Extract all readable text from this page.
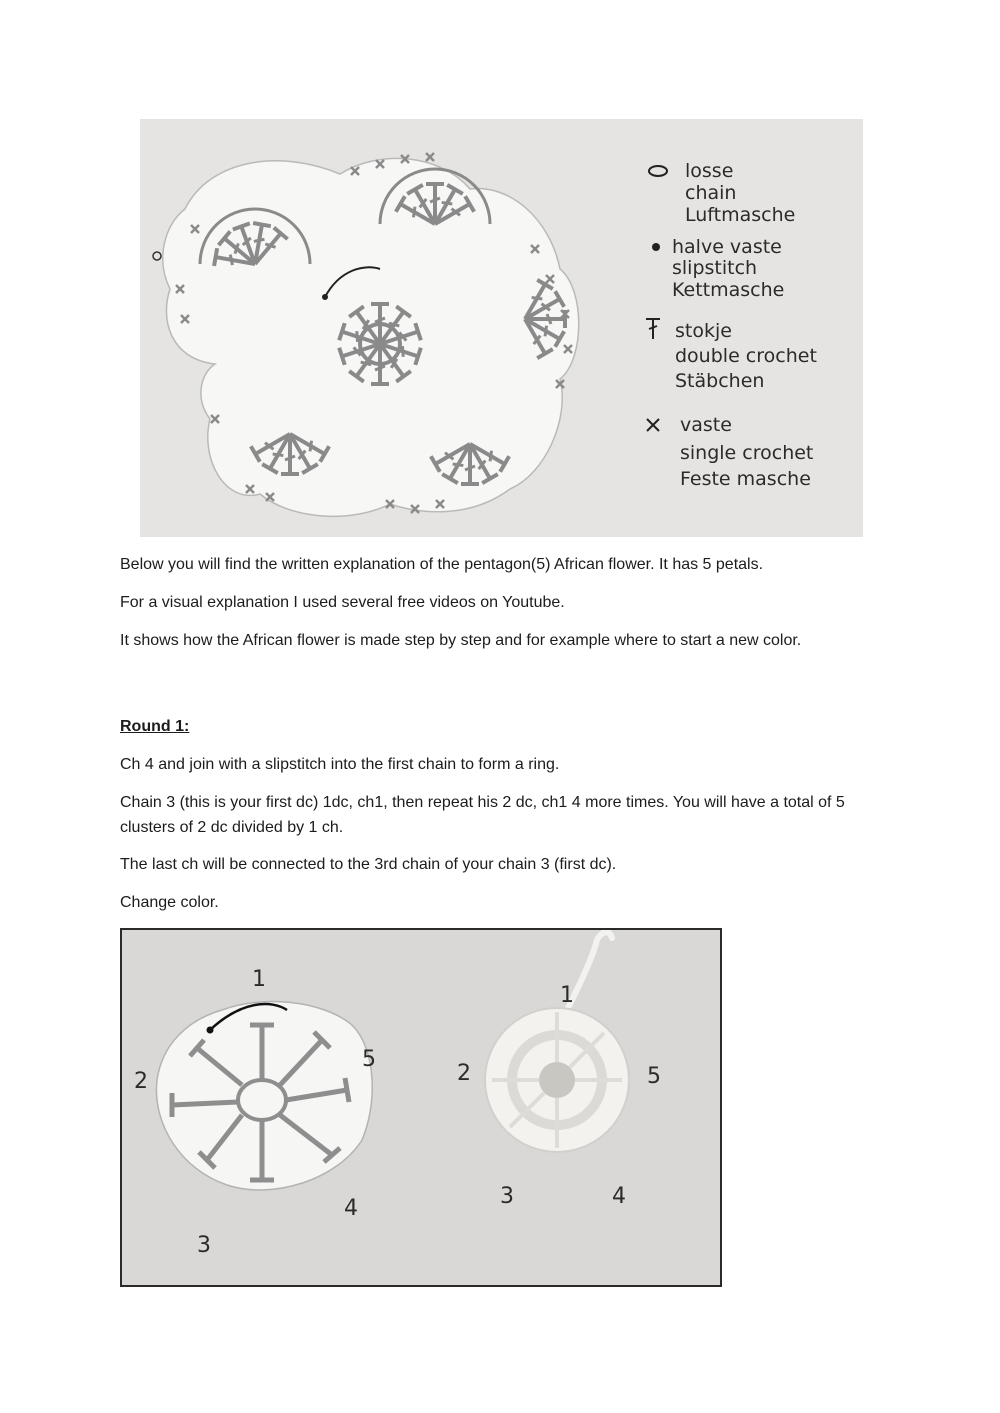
losse
chain
Luftmasche
halve vaste
slipstitch
Kettmasche
stokje
double crochet
Stäbchen
vaste
single crochet
Feste masche

Below you will find the written explanation of the pentagon(5) African flower. It has 5 petals.

For a visual explanation I used several free videos on Youtube.

It shows how the African flower is made step by step and for example where to start a new color.

Round 1:

Ch 4 and join with a slipstitch into the first chain to form a ring.

Chain 3 (this is your first dc) 1dc, ch1, then repeat his 2 dc, ch1 4 more times. You will have a total of 5 clusters of 2 dc divided by 1 ch.

The last ch will be connected to the 3rd chain of your chain 3 (first dc).

Change color.

1
2
3
4
5
1
2
3	4
5
